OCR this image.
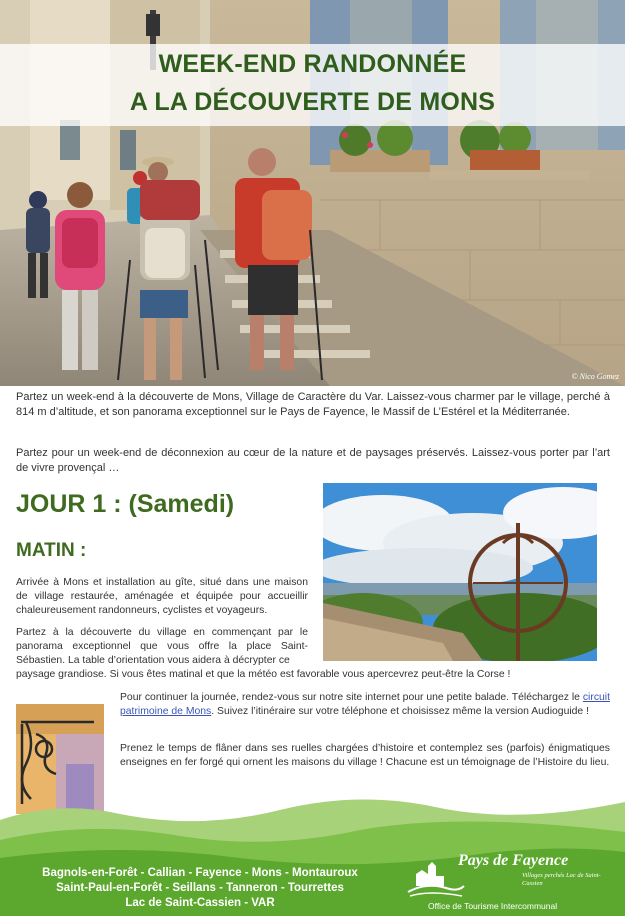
WEEK-END RANDONNÉE
A LA DÉCOUVERTE DE MONS
© Nico Gomez
Partez un week-end à la découverte de Mons, Village de Caractère du Var. Laissez-vous charmer par le village, perché à 814 m d’altitude, et son panorama exceptionnel sur le Pays de Fayence, le Massif de L’Estérel et la Méditerranée.
Partez pour un week-end de déconnexion au cœur de la nature et de paysages préservés. Laissez-vous porter par l’art de vivre provençal …
JOUR 1 : (Samedi)
MATIN :
Arrivée à Mons et installation au gîte, situé dans une maison de village restaurée, aménagée et équipée pour accueillir chaleureusement randonneurs, cyclistes et voyageurs.
Partez à la découverte du village en commençant par le panorama exceptionnel que vous offre la place Saint-Sébastien. La table d’orientation vous aidera à décrypter ce
paysage grandiose. Si vous êtes matinal et que la météo est favorable vous apercevrez peut-être la Corse !
Pour continuer la journée, rendez-vous sur notre site internet pour une petite balade. Téléchargez le circuit patrimoine de Mons. Suivez l’itinéraire sur votre téléphone et choisissez même la version Audioguide !
Prenez le temps de flâner dans ses ruelles chargées d’histoire et contemplez ses (parfois) énigmatiques enseignes en fer forgé qui ornent les maisons du village ! Chacune est un témoignage de l’Histoire du lieu.
Bagnols-en-Forêt - Callian - Fayence - Mons - Montauroux
Saint-Paul-en-Forêt - Seillans - Tanneron - Tourrettes
Lac de Saint-Cassien - VAR
Pays de Fayence
Villages perchés Lac de Saint-Cassien
Office de Tourisme Intercommunal
